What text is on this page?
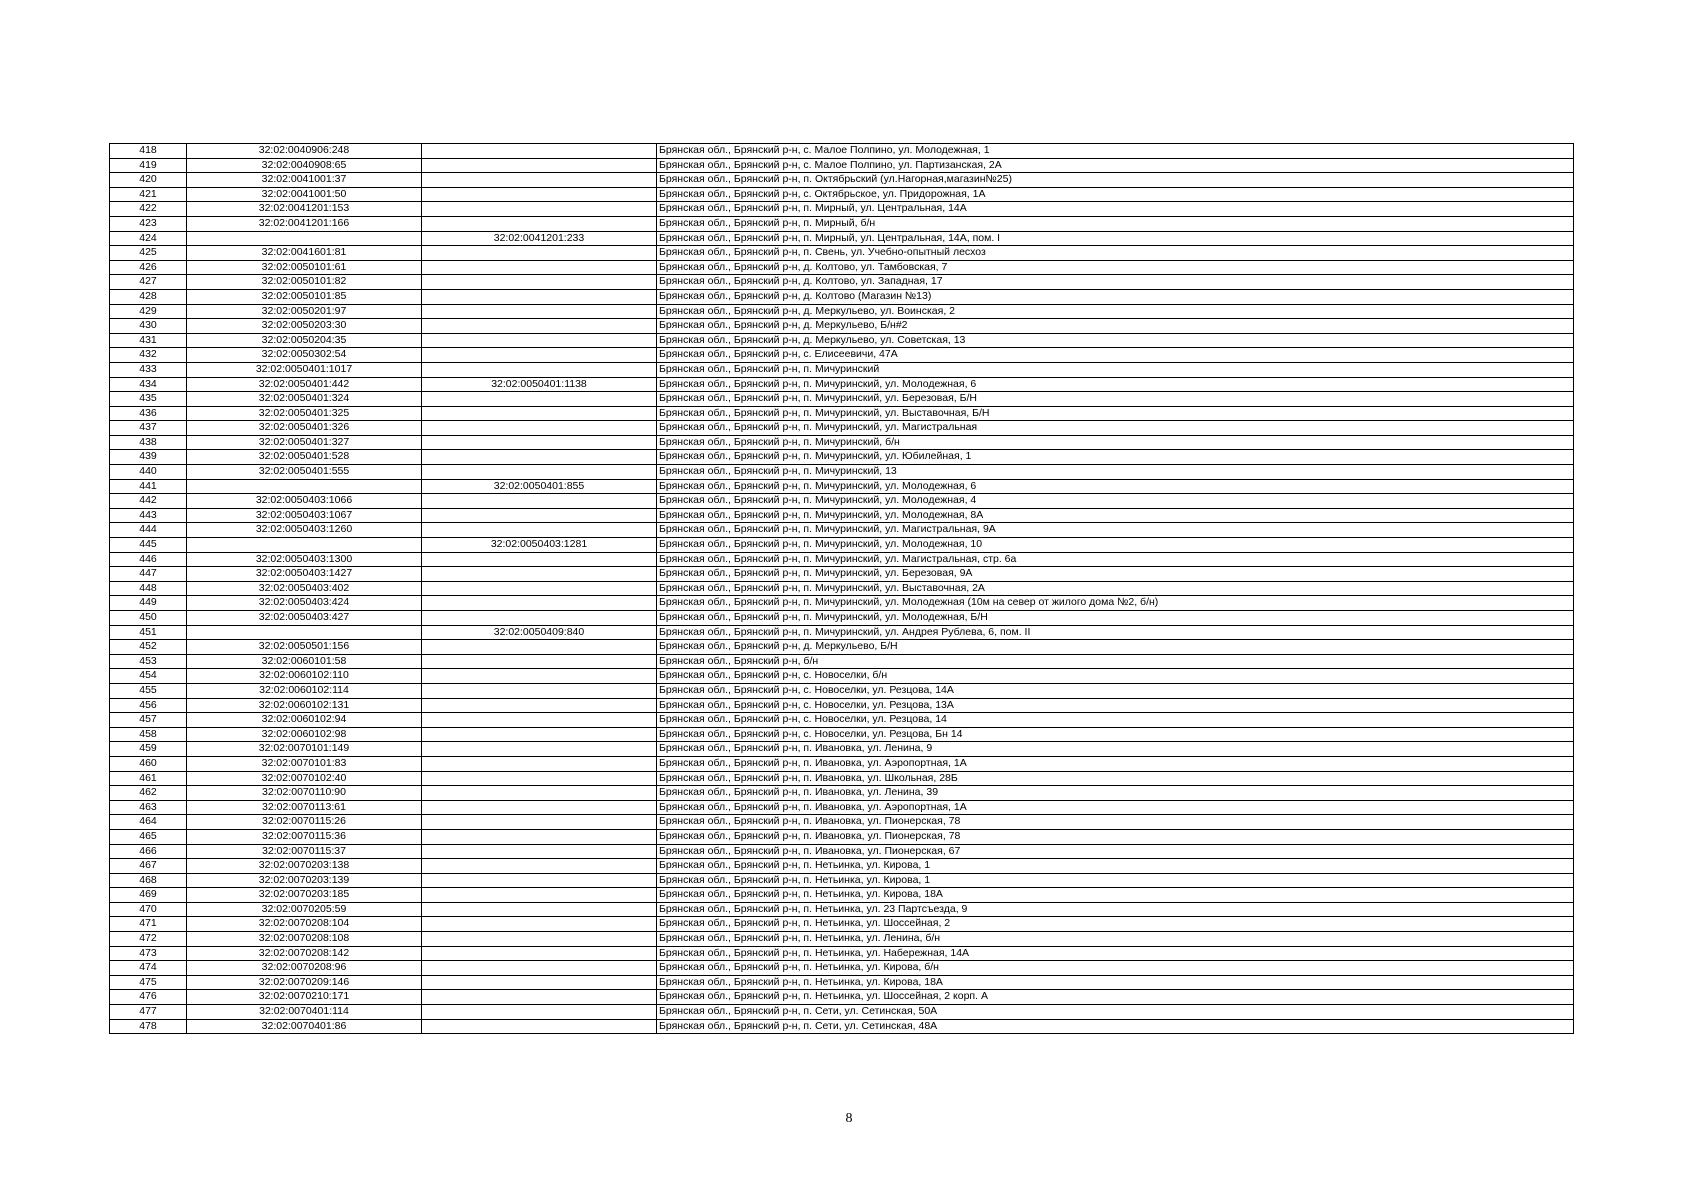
418	32:02:0040906:248		Брянская обл., Брянский р-н, с. Малое Полпино, ул. Молодежная, 1
419	32:02:0040908:65		Брянская обл., Брянский р-н, с. Малое Полпино, ул. Партизанская, 2А
420	32:02:0041001:37		Брянская обл., Брянский р-н, п. Октябрьский (ул.Нагорная,магазин№25)
421	32:02:0041001:50		Брянская обл., Брянский р-н, с. Октябрьское, ул. Придорожная, 1А
422	32:02:0041201:153		Брянская обл., Брянский р-н, п. Мирный, ул. Центральная, 14А
423	32:02:0041201:166		Брянская обл., Брянский р-н, п. Мирный, б/н
424		32:02:0041201:233	Брянская обл., Брянский р-н, п. Мирный, ул. Центральная, 14А, пом. I
425	32:02:0041601:81		Брянская обл., Брянский р-н, п. Свень, ул. Учебно-опытный лесхоз
426	32:02:0050101:61		Брянская обл., Брянский р-н, д. Колтово, ул. Тамбовская, 7
427	32:02:0050101:82		Брянская обл., Брянский р-н, д. Колтово, ул. Западная, 17
428	32:02:0050101:85		Брянская обл., Брянский р-н, д. Колтово (Магазин №13)
429	32:02:0050201:97		Брянская обл., Брянский р-н, д. Меркульево, ул. Воинская, 2
430	32:02:0050203:30		Брянская обл., Брянский р-н, д. Меркульево, Б/н#2
431	32:02:0050204:35		Брянская обл., Брянский р-н, д. Меркульево, ул. Советская, 13
432	32:02:0050302:54		Брянская обл., Брянский р-н, с. Елисеевичи, 47А
433	32:02:0050401:1017		Брянская обл., Брянский р-н, п. Мичуринский
434	32:02:0050401:442	32:02:0050401:1138	Брянская обл., Брянский р-н, п. Мичуринский, ул. Молодежная, 6
435	32:02:0050401:324		Брянская обл., Брянский р-н, п. Мичуринский, ул. Березовая, Б/Н
436	32:02:0050401:325		Брянская обл., Брянский р-н, п. Мичуринский, ул. Выставочная, Б/Н
437	32:02:0050401:326		Брянская обл., Брянский р-н, п. Мичуринский, ул. Магистральная
438	32:02:0050401:327		Брянская обл., Брянский р-н, п. Мичуринский, б/н
439	32:02:0050401:528		Брянская обл., Брянский р-н, п. Мичуринский, ул. Юбилейная, 1
440	32:02:0050401:555		Брянская обл., Брянский р-н, п. Мичуринский, 13
441		32:02:0050401:855	Брянская обл., Брянский р-н, п. Мичуринский, ул. Молодежная, 6
442	32:02:0050403:1066		Брянская обл., Брянский р-н, п. Мичуринский, ул. Молодежная, 4
443	32:02:0050403:1067		Брянская обл., Брянский р-н, п. Мичуринский, ул. Молодежная, 8А
444	32:02:0050403:1260		Брянская обл., Брянский р-н, п. Мичуринский, ул. Магистральная, 9А
445		32:02:0050403:1281	Брянская обл., Брянский р-н, п. Мичуринский, ул. Молодежная, 10
446	32:02:0050403:1300		Брянская обл., Брянский р-н, п. Мичуринский, ул. Магистральная, стр. 6а
447	32:02:0050403:1427		Брянская обл., Брянский р-н, п. Мичуринский, ул. Березовая, 9А
448	32:02:0050403:402		Брянская обл., Брянский р-н, п. Мичуринский, ул. Выставочная, 2А
449	32:02:0050403:424		Брянская обл., Брянский р-н, п. Мичуринский, ул. Молодежная (10м на север от жилого дома №2, б/н)
450	32:02:0050403:427		Брянская обл., Брянский р-н, п. Мичуринский, ул. Молодежная, Б/Н
451		32:02:0050409:840	Брянская обл., Брянский р-н, п. Мичуринский, ул. Андрея Рублева, 6, пом. II
452	32:02:0050501:156		Брянская обл., Брянский р-н, д. Меркульево, Б/Н
453	32:02:0060101:58		Брянская обл., Брянский р-н, б/н
454	32:02:0060102:110		Брянская обл., Брянский р-н, с. Новоселки, б/н
455	32:02:0060102:114		Брянская обл., Брянский р-н, с. Новоселки, ул. Резцова, 14А
456	32:02:0060102:131		Брянская обл., Брянский р-н, с. Новоселки, ул. Резцова, 13А
457	32:02:0060102:94		Брянская обл., Брянский р-н, с. Новоселки, ул. Резцова, 14
458	32:02:0060102:98		Брянская обл., Брянский р-н, с. Новоселки, ул. Резцова, Бн 14
459	32:02:0070101:149		Брянская обл., Брянский р-н, п. Ивановка, ул. Ленина, 9
460	32:02:0070101:83		Брянская обл., Брянский р-н, п. Ивановка, ул. Аэропортная, 1А
461	32:02:0070102:40		Брянская обл., Брянский р-н, п. Ивановка, ул. Школьная, 28Б
462	32:02:0070110:90		Брянская обл., Брянский р-н, п. Ивановка, ул. Ленина, 39
463	32:02:0070113:61		Брянская обл., Брянский р-н, п. Ивановка, ул. Аэропортная, 1А
464	32:02:0070115:26		Брянская обл., Брянский р-н, п. Ивановка, ул. Пионерская, 78
465	32:02:0070115:36		Брянская обл., Брянский р-н, п. Ивановка, ул. Пионерская, 78
466	32:02:0070115:37		Брянская обл., Брянский р-н, п. Ивановка, ул. Пионерская, 67
467	32:02:0070203:138		Брянская обл., Брянский р-н, п. Нетьинка, ул. Кирова, 1
468	32:02:0070203:139		Брянская обл., Брянский р-н, п. Нетьинка, ул. Кирова, 1
469	32:02:0070203:185		Брянская обл., Брянский р-н, п. Нетьинка, ул. Кирова, 18А
470	32:02:0070205:59		Брянская обл., Брянский р-н, п. Нетьинка, ул. 23 Партсъезда, 9
471	32:02:0070208:104		Брянская обл., Брянский р-н, п. Нетьинка, ул. Шоссейная, 2
472	32:02:0070208:108		Брянская обл., Брянский р-н, п. Нетьинка, ул. Ленина, б/н
473	32:02:0070208:142		Брянская обл., Брянский р-н, п. Нетьинка, ул. Набережная, 14А
474	32:02:0070208:96		Брянская обл., Брянский р-н, п. Нетьинка, ул. Кирова, б/н
475	32:02:0070209:146		Брянская обл., Брянский р-н, п. Нетьинка, ул. Кирова, 18А
476	32:02:0070210:171		Брянская обл., Брянский р-н, п. Нетьинка, ул. Шоссейная, 2 корп. А
477	32:02:0070401:114		Брянская обл., Брянский р-н, п. Сети, ул. Сетинская, 50А
478	32:02:0070401:86		Брянская обл., Брянский р-н, п. Сети, ул. Сетинская, 48А
8
